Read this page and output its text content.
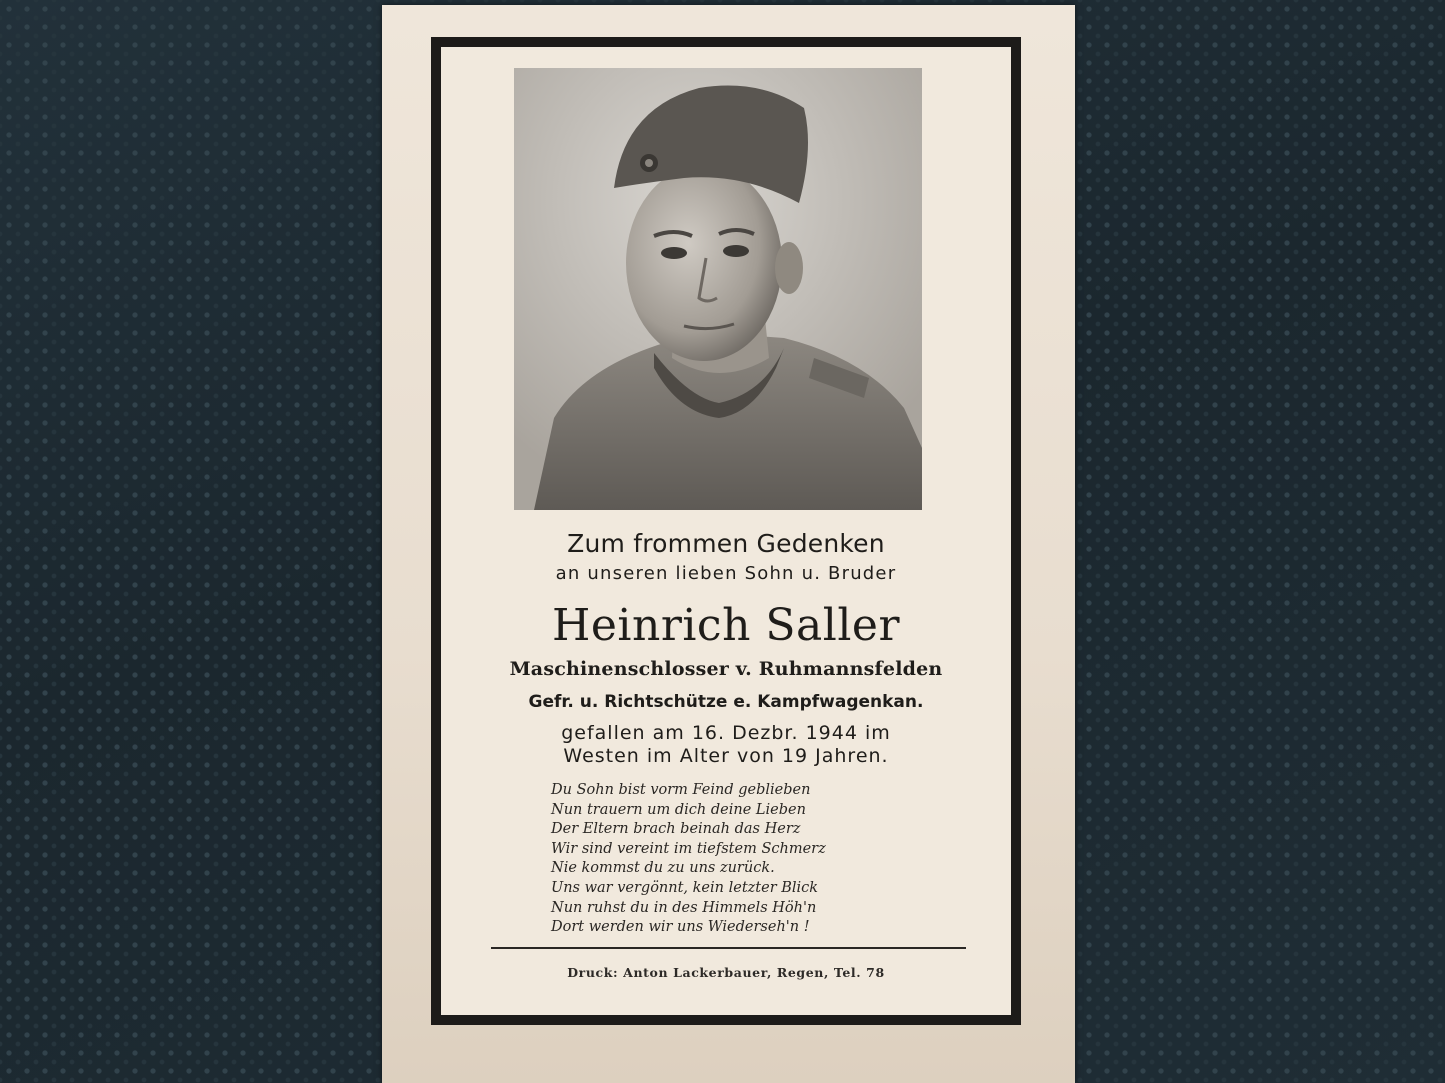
Zum frommen Gedenken
an unseren lieben Sohn u. Bruder
Heinrich Saller
Maschinenschlosser v. Ruhmannsfelden
Gefr. u. Richtschütze e. Kampfwagenkan.
gefallen am 16. Dezbr. 1944 im
Westen im Alter von 19 Jahren.
Du Sohn bist vorm Feind geblieben
Nun trauern um dich deine Lieben
Der Eltern brach beinah das Herz
Wir sind vereint im tiefstem Schmerz
Nie kommst du zu uns zurück.
Uns war vergönnt, kein letzter Blick
Nun ruhst du in des Himmels Höh'n
Dort werden wir uns Wiederseh'n !
Druck: Anton Lackerbauer, Regen, Tel. 78
